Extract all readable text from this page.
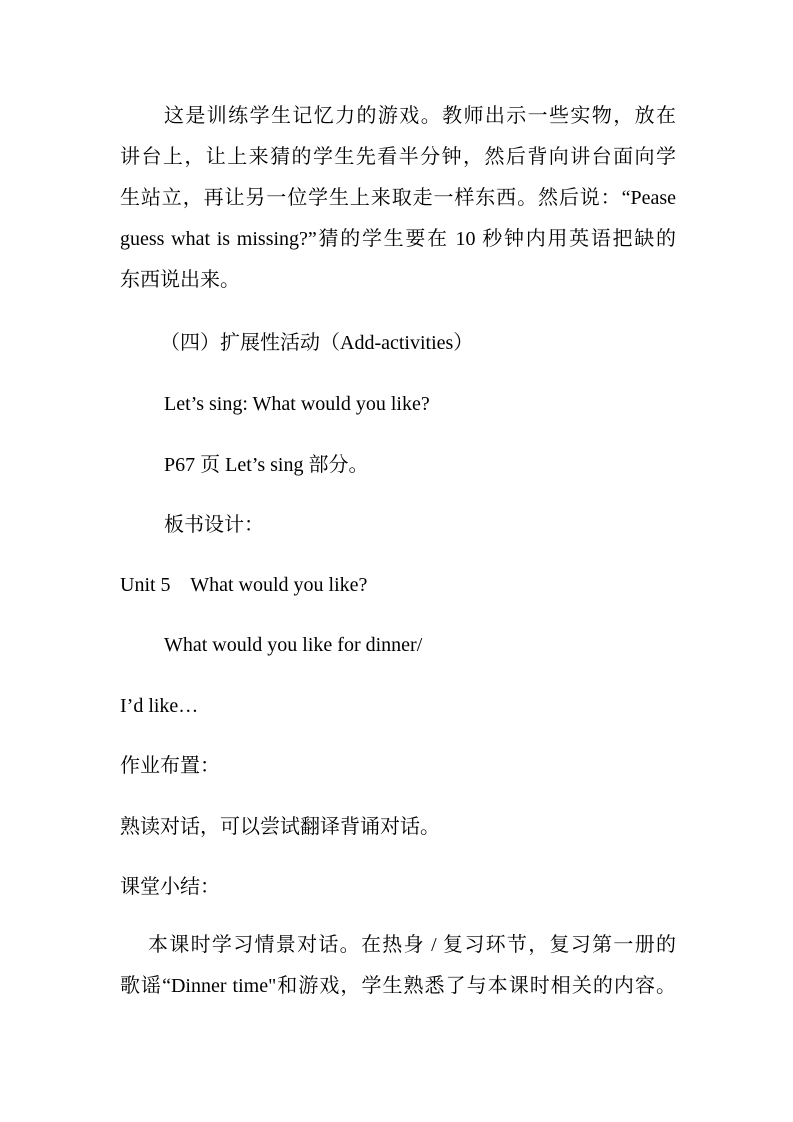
这是训练学生记忆力的游戏。教师出示一些实物，放在
讲台上，让上来猜的学生先看半分钟，然后背向讲台面向学
生站立，再让另一位学生上来取走一样东西。然后说：“Pease
guess what is missing?”猜的学生要在 10 秒钟内用英语把缺的
东西说出来。

（四）扩展性活动（Add-activities）

Let’s sing: What would you like?

P67 页 Let’s sing 部分。

板书设计：

Unit 5    What would you like?

What would you like for dinner/

I’d like…

作业布置：

熟读对话，可以尝试翻译背诵对话。

课堂小结：

本课时学习情景对话。在热身 / 复习环节，复习第一册的
歌谣“Dinner time"和游戏，学生熟悉了与本课时相关的内容。
